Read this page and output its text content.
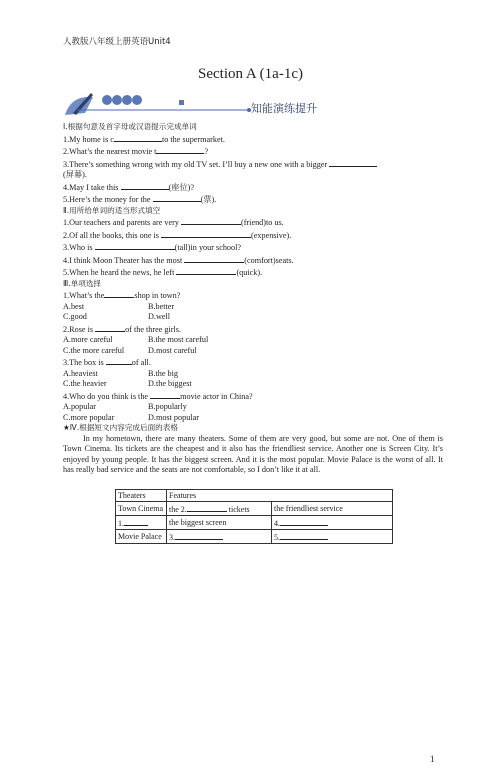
人教版八年级上册英语Unit4
Section A (1a-1c)
知能演练提升
Ⅰ.根据句意及首字母或汉语提示完成单词
1.My home is c	to the supermarket.
2.What’s the nearest movie t	?
3.There’s something wrong with my old TV set. I’ll buy a new one with a bigger
(屏幕).
4.May I take this	(座位)?
5.Here’s the money for the	(票).
Ⅱ.用所给单词的适当形式填空
1.Our teachers and parents are very	(friend)to us.
2.Of all the books, this one is	(expensive).
3.Who is	(tall)in your school?
4.I think Moon Theater has the most	(comfort)seats.
5.When he heard the news, he left	(quick).
Ⅲ.单项选择
1.What’s the	shop in town?
A.best	B.better
C.good	D.well
2.Rose is	of the three girls.
A.more careful	B.the most careful
C.the more careful	D.most careful
3.The box is	of all.
A.heaviest	B.the big
C.the heavier	D.the biggest
4.Who do you think is the	movie actor in China?
A.popular	B.popularly
C.more popular	D.most popular
★Ⅳ.根据短文内容完成后面的表格
In my hometown, there are many theaters. Some of them are very good, but some are not. One of them is Town Cinema. Its tickets are the cheapest and it also has the friendliest service. Another one is Screen City. It’s enjoyed by young people. It has the biggest screen. And it is the most popular. Movie Palace is the worst of all. It has really bad service and the seats are not comfortable, so I don’t like it at all.
Theaters	Features	
Town Cinema	the 2. tickets	the friendliest service
1.	the biggest screen	4.
Movie Palace	3.	5.
1
